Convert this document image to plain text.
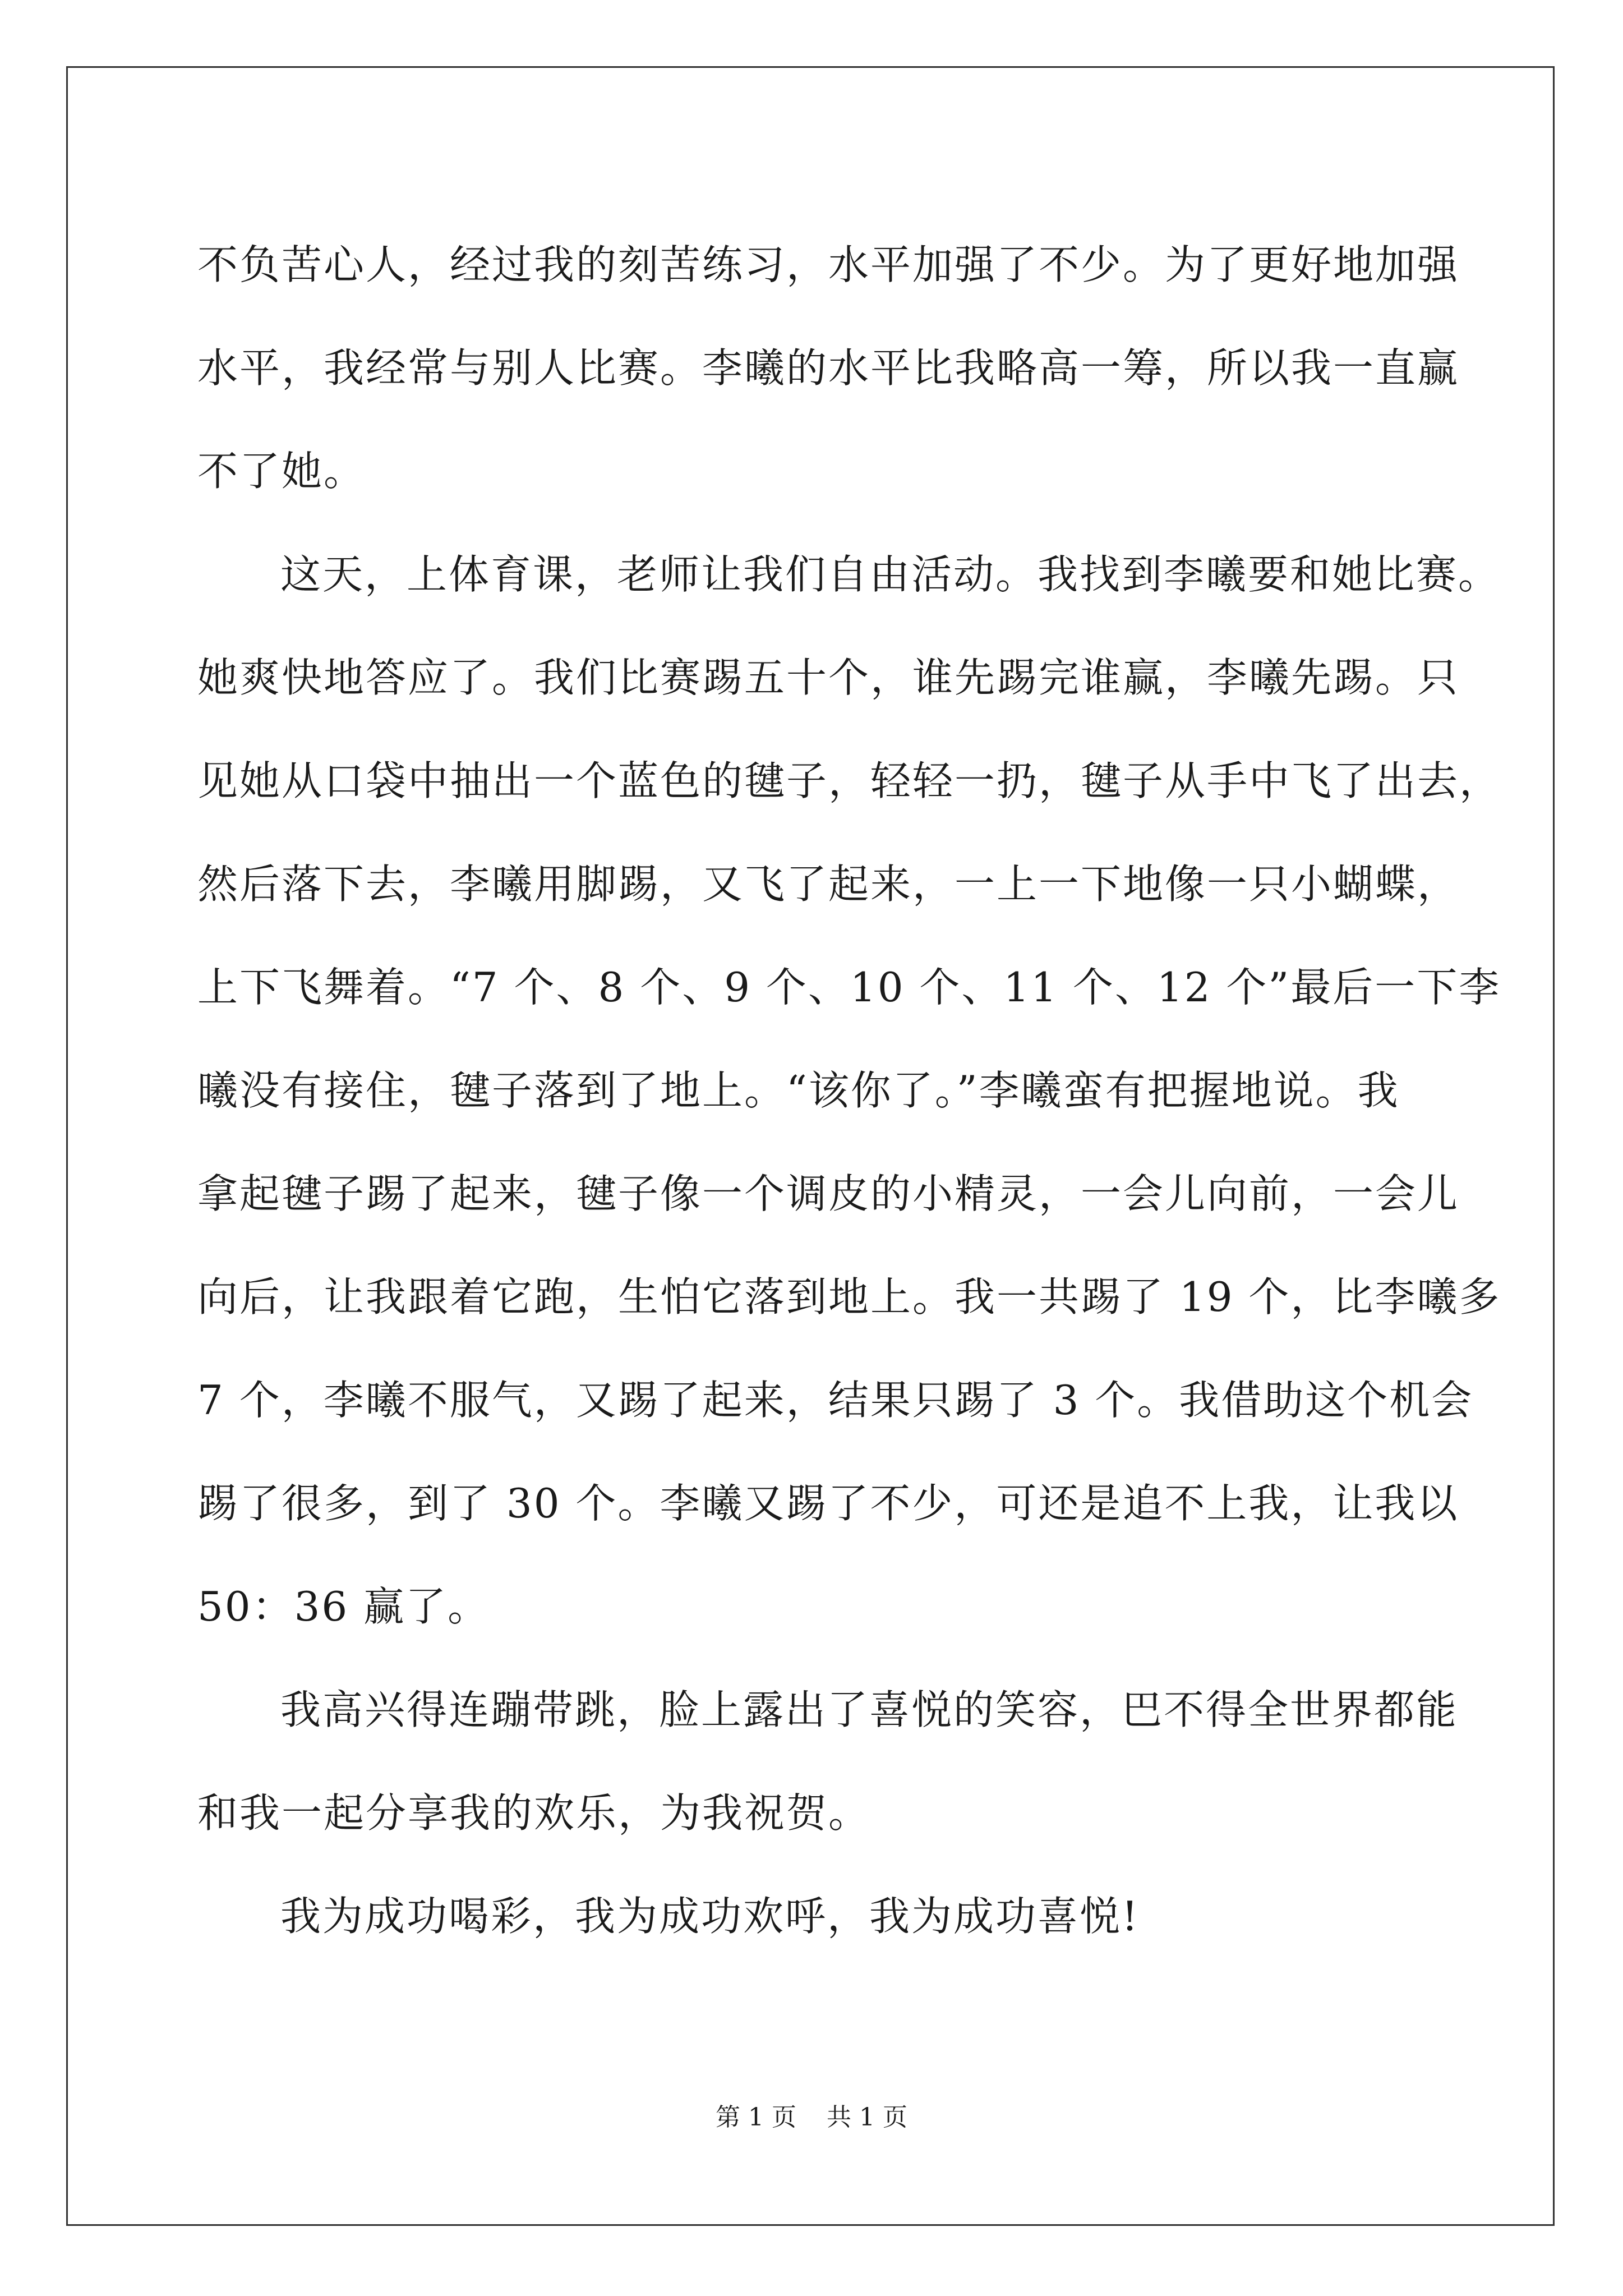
不负苦心人，经过我的刻苦练习，水平加强了不少。为了更好地加强
水平，我经常与别人比赛。李曦的水平比我略高一筹，所以我一直赢
不了她。

这天，上体育课，老师让我们自由活动。我找到李曦要和她比赛。
她爽快地答应了。我们比赛踢五十个，谁先踢完谁赢，李曦先踢。只
见她从口袋中抽出一个蓝色的毽子，轻轻一扔，毽子从手中飞了出去，
然后落下去，李曦用脚踢，又飞了起来，一上一下地像一只小蝴蝶，
上下飞舞着。“7 个、8 个、9 个、10 个、11 个、12 个”最后一下李
曦没有接住，毽子落到了地上。“该你了。”李曦蛮有把握地说。我
拿起毽子踢了起来，毽子像一个调皮的小精灵，一会儿向前，一会儿
向后，让我跟着它跑，生怕它落到地上。我一共踢了 19 个，比李曦多
7 个，李曦不服气，又踢了起来，结果只踢了 3 个。我借助这个机会
踢了很多，到了 30 个。李曦又踢了不少，可还是追不上我，让我以
50：36 赢了。

我高兴得连蹦带跳，脸上露出了喜悦的笑容，巴不得全世界都能
和我一起分享我的欢乐，为我祝贺。

我为成功喝彩，我为成功欢呼，我为成功喜悦!

第 1 页 共 1 页
